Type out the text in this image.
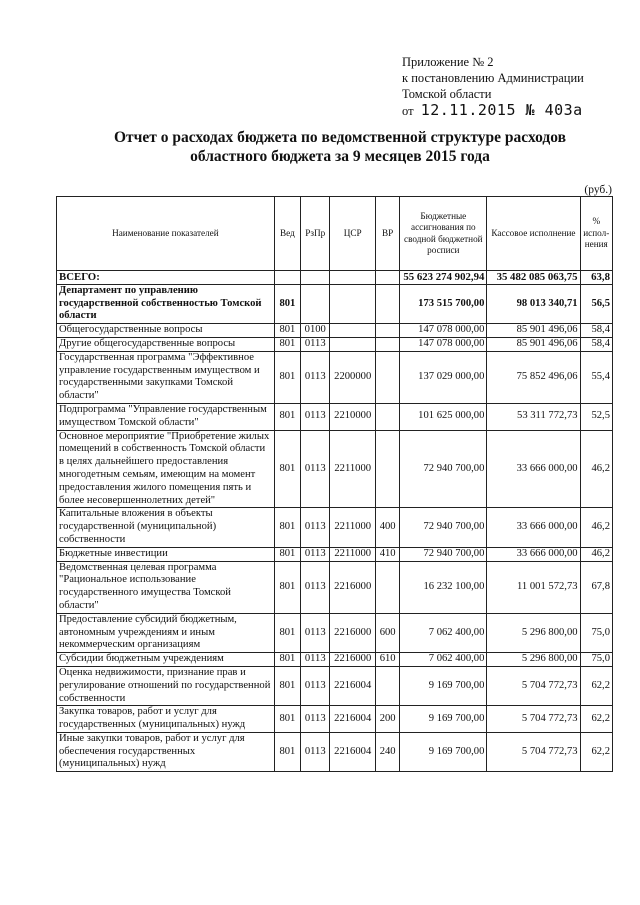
Приложение № 2
к постановлению Администрации
Томской области
от 12.11.2015 № 403а
Отчет о расходах бюджета по ведомственной структуре расходов
областного бюджета за 9 месяцев 2015 года
(руб.)
Наименование показателей	Вед	РзПр	ЦСР	ВР	Бюджетные ассигнования по сводной бюджетной росписи	Кассовое исполнение	% испол-нения
ВСЕГО:					55 623 274 902,94	35 482 085 063,75	63,8
Департамент по управлению государственной собственностью Томской области	801				173 515 700,00	98 013 340,71	56,5
Общегосударственные вопросы	801	0100			147 078 000,00	85 901 496,06	58,4
Другие общегосударственные вопросы	801	0113			147 078 000,00	85 901 496,06	58,4
Государственная программа "Эффективное управление государственным имуществом и государственными закупками Томской области"	801	0113	2200000		137 029 000,00	75 852 496,06	55,4
Подпрограмма "Управление государственным имуществом Томской области"	801	0113	2210000		101 625 000,00	53 311 772,73	52,5
Основное мероприятие "Приобретение жилых помещений в собственность Томской области в целях дальнейшего предоставления многодетным семьям, имеющим на момент предоставления жилого помещения пять и более несовершеннолетних детей"	801	0113	2211000		72 940 700,00	33 666 000,00	46,2
Капитальные вложения в объекты государственной (муниципальной) собственности	801	0113	2211000	400	72 940 700,00	33 666 000,00	46,2
Бюджетные инвестиции	801	0113	2211000	410	72 940 700,00	33 666 000,00	46,2
Ведомственная целевая программа "Рациональное использование государственного имущества Томской области"	801	0113	2216000		16 232 100,00	11 001 572,73	67,8
Предоставление субсидий бюджетным, автономным учреждениям и иным некоммерческим организациям	801	0113	2216000	600	7 062 400,00	5 296 800,00	75,0
Субсидии бюджетным учреждениям	801	0113	2216000	610	7 062 400,00	5 296 800,00	75,0
Оценка недвижимости, признание прав и регулирование отношений по государственной собственности	801	0113	2216004		9 169 700,00	5 704 772,73	62,2
Закупка товаров, работ и услуг для государственных (муниципальных) нужд	801	0113	2216004	200	9 169 700,00	5 704 772,73	62,2
Иные закупки товаров, работ и услуг для обеспечения государственных (муниципальных) нужд	801	0113	2216004	240	9 169 700,00	5 704 772,73	62,2
